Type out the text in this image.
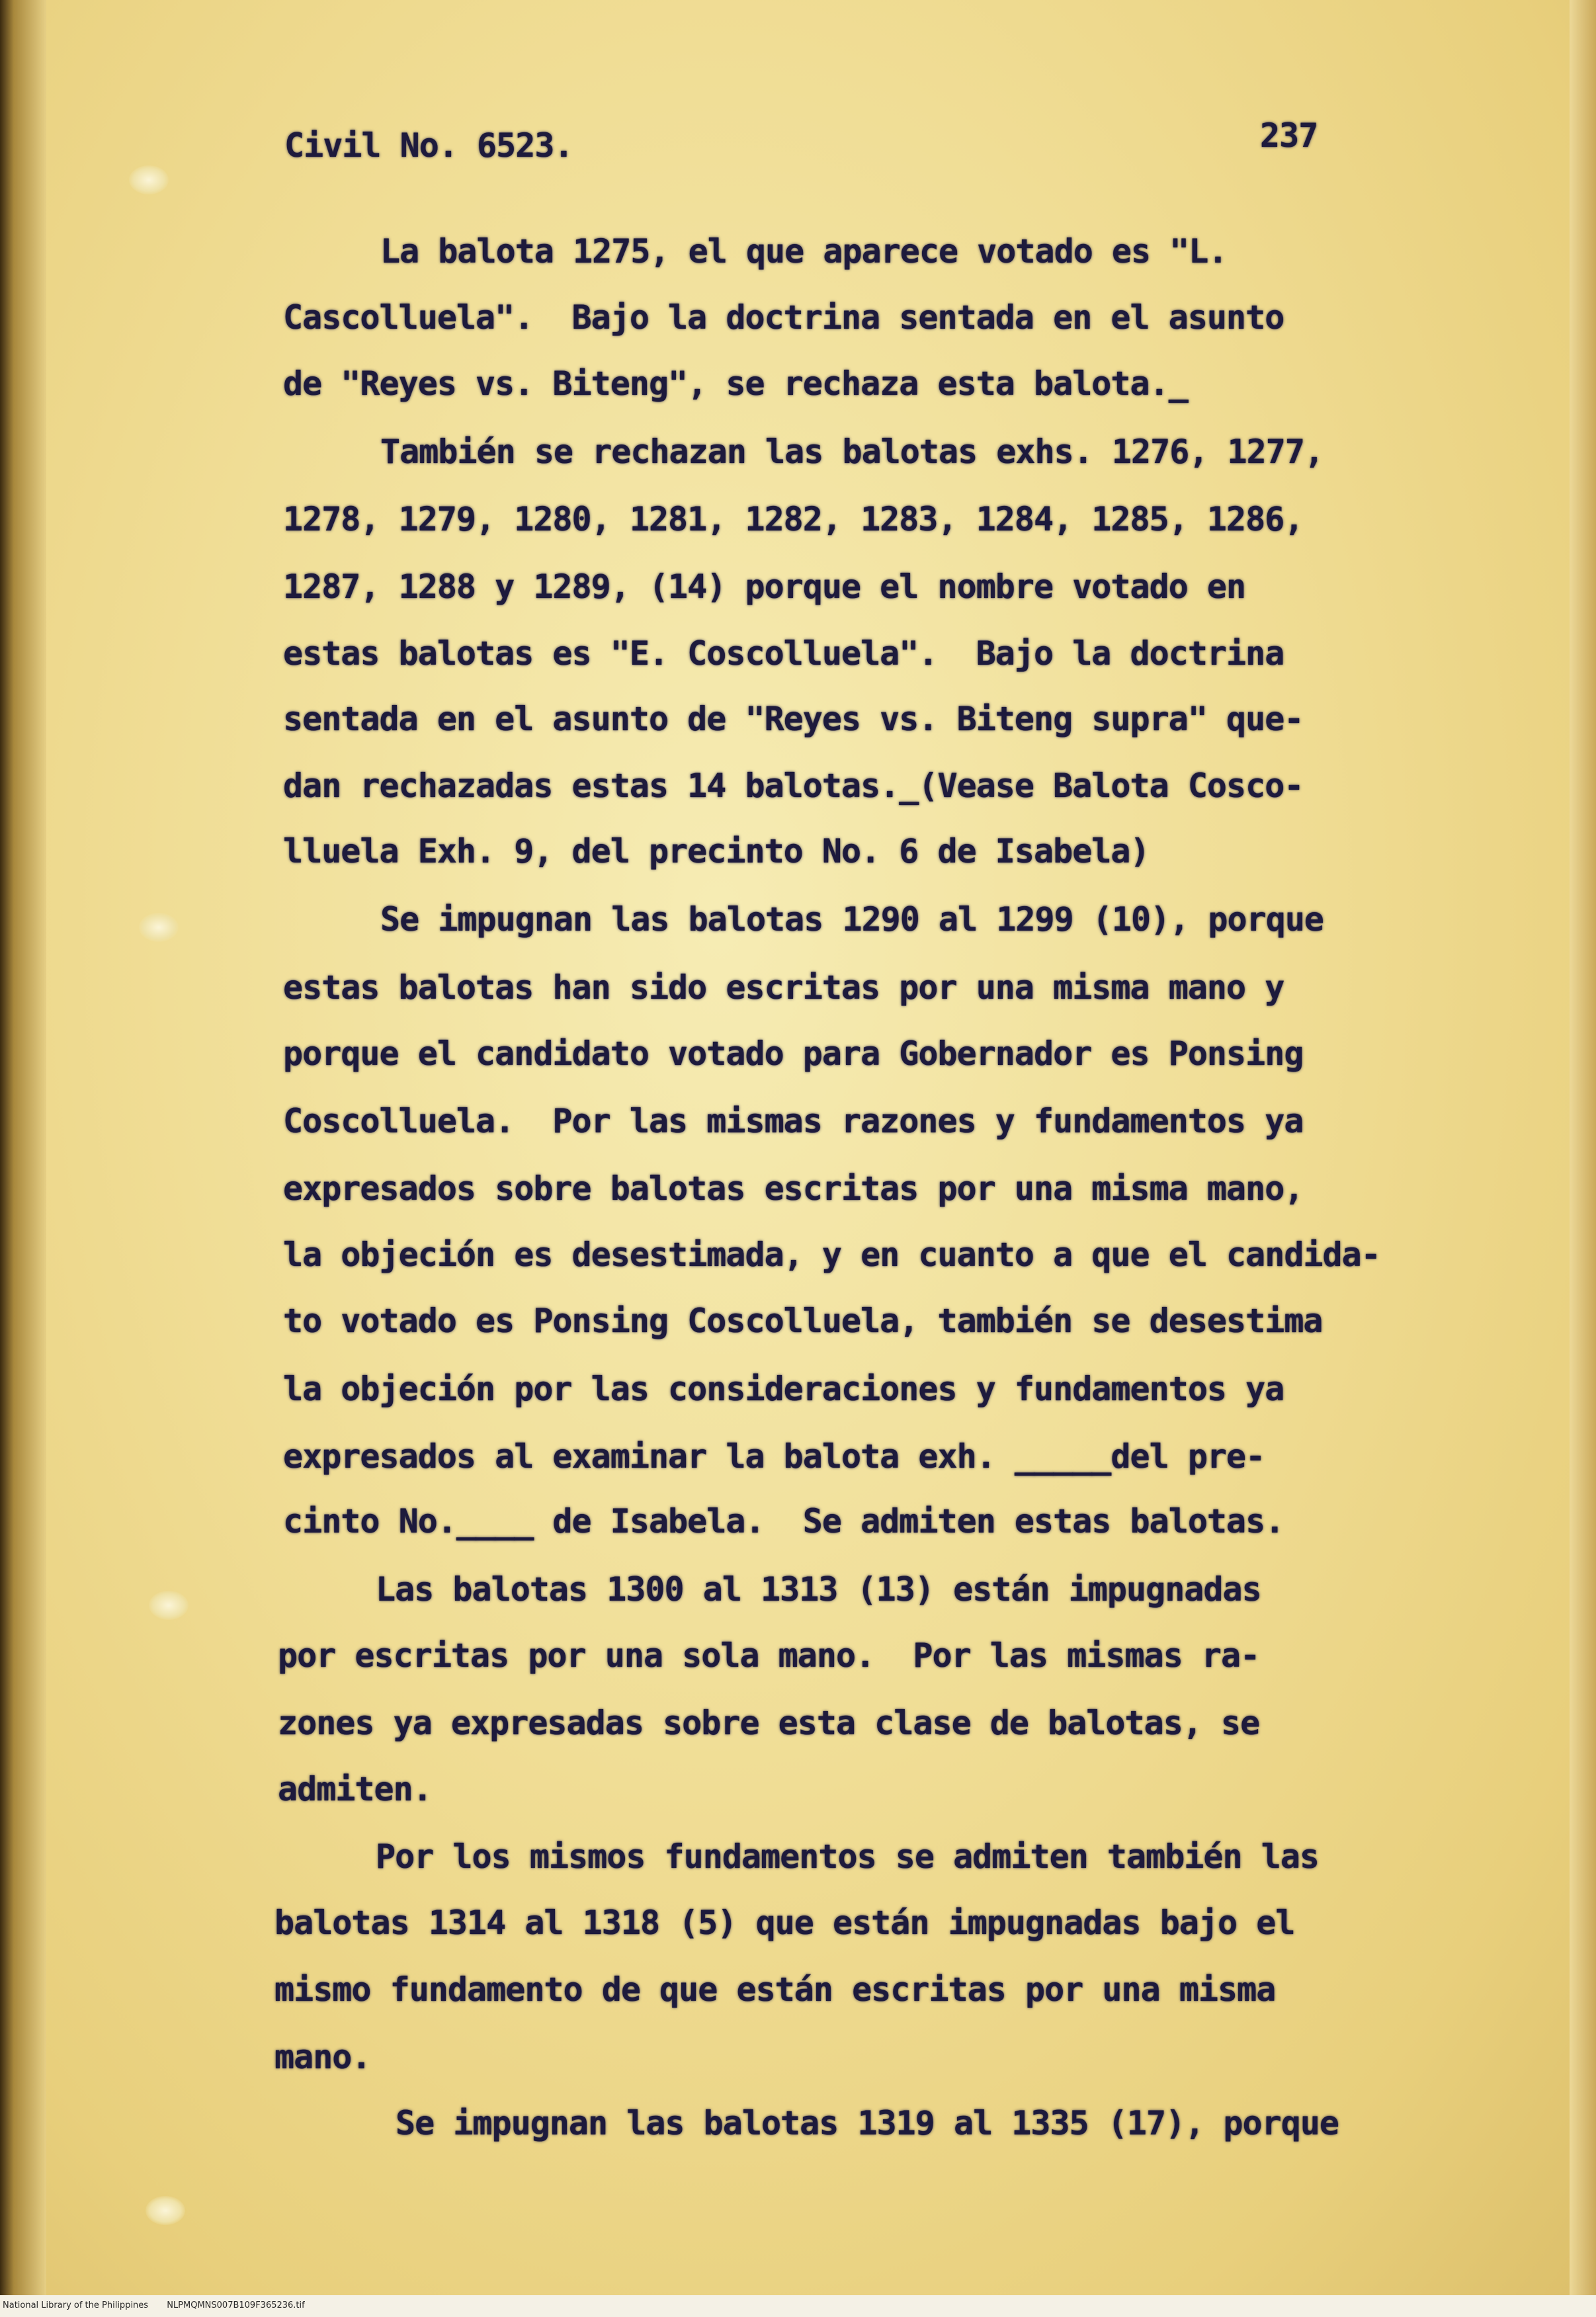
Civil No. 6523.	237
La balota 1275, el que aparece votado es "L.
Cascolluela".  Bajo la doctrina sentada en el asunto
de "Reyes vs. Biteng", se rechaza esta balota._
También se rechazan las balotas exhs. 1276, 1277,
1278, 1279, 1280, 1281, 1282, 1283, 1284, 1285, 1286,
1287, 1288 y 1289, (14) porque el nombre votado en
estas balotas es "E. Coscolluela".  Bajo la doctrina
sentada en el asunto de "Reyes vs. Biteng supra" que-
dan rechazadas estas 14 balotas._(Vease Balota Cosco-
lluela Exh. 9, del precinto No. 6 de Isabela)
Se impugnan las balotas 1290 al 1299 (10), porque
estas balotas han sido escritas por una misma mano y
porque el candidato votado para Gobernador es Ponsing
Coscolluela.  Por las mismas razones y fundamentos ya
expresados sobre balotas escritas por una misma mano,
la objeción es desestimada, y en cuanto a que el candida-
to votado es Ponsing Coscolluela, también se desestima
la objeción por las consideraciones y fundamentos ya
expresados al examinar la balota exh. _____del pre-
cinto No.____ de Isabela.  Se admiten estas balotas.
Las balotas 1300 al 1313 (13) están impugnadas
por escritas por una sola mano.  Por las mismas ra-
zones ya expresadas sobre esta clase de balotas, se
admiten.
Por los mismos fundamentos se admiten también las
balotas 1314 al 1318 (5) que están impugnadas bajo el
mismo fundamento de que están escritas por una misma
mano.
Se impugnan las balotas 1319 al 1335 (17), porque
National Library of the Philippines NLPMQMNS007B109F365236.tif
